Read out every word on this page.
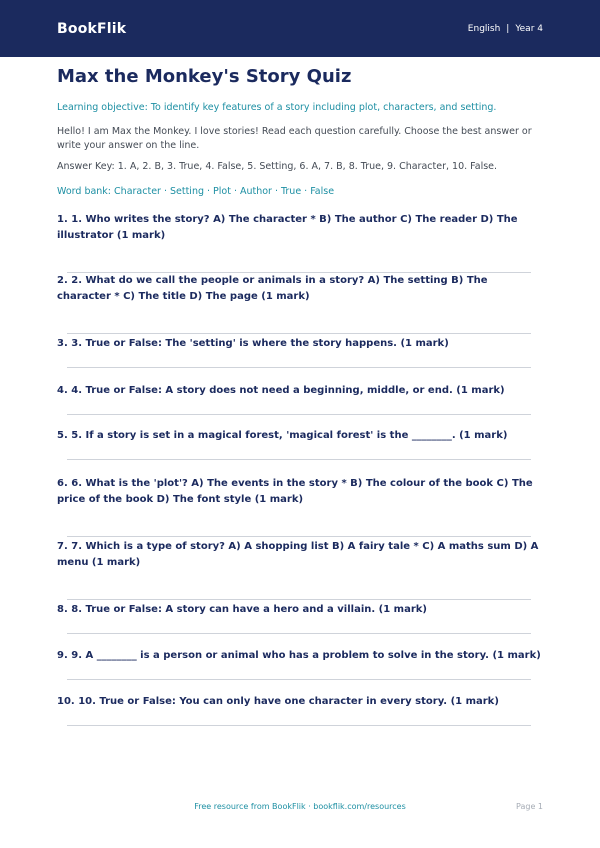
BookFlik	English | Year 4
Max the Monkey's Story Quiz

Learning objective: To identify key features of a story including plot, characters, and setting.

Hello! I am Max the Monkey. I love stories! Read each question carefully. Choose the best answer or write your answer on the line.

Answer Key: 1. A, 2. B, 3. True, 4. False, 5. Setting, 6. A, 7. B, 8. True, 9. Character, 10. False.

Word bank: Character · Setting · Plot · Author · True · False

1. 1. Who writes the story? A) The character * B) The author C) The reader D) The illustrator (1 mark)
2. 2. What do we call the people or animals in a story? A) The setting B) The character * C) The title D) The page (1 mark)
3. 3. True or False: The 'setting' is where the story happens. (1 mark)
4. 4. True or False: A story does not need a beginning, middle, or end. (1 mark)
5. 5. If a story is set in a magical forest, 'magical forest' is the ________. (1 mark)
6. 6. What is the 'plot'? A) The events in the story * B) The colour of the book C) The price of the book D) The font style (1 mark)
7. 7. Which is a type of story? A) A shopping list B) A fairy tale * C) A maths sum D) A menu (1 mark)
8. 8. True or False: A story can have a hero and a villain. (1 mark)
9. 9. A ________ is a person or animal who has a problem to solve in the story. (1 mark)
10. 10. True or False: You can only have one character in every story. (1 mark)
Free resource from BookFlik · bookflik.com/resources	Page 1
